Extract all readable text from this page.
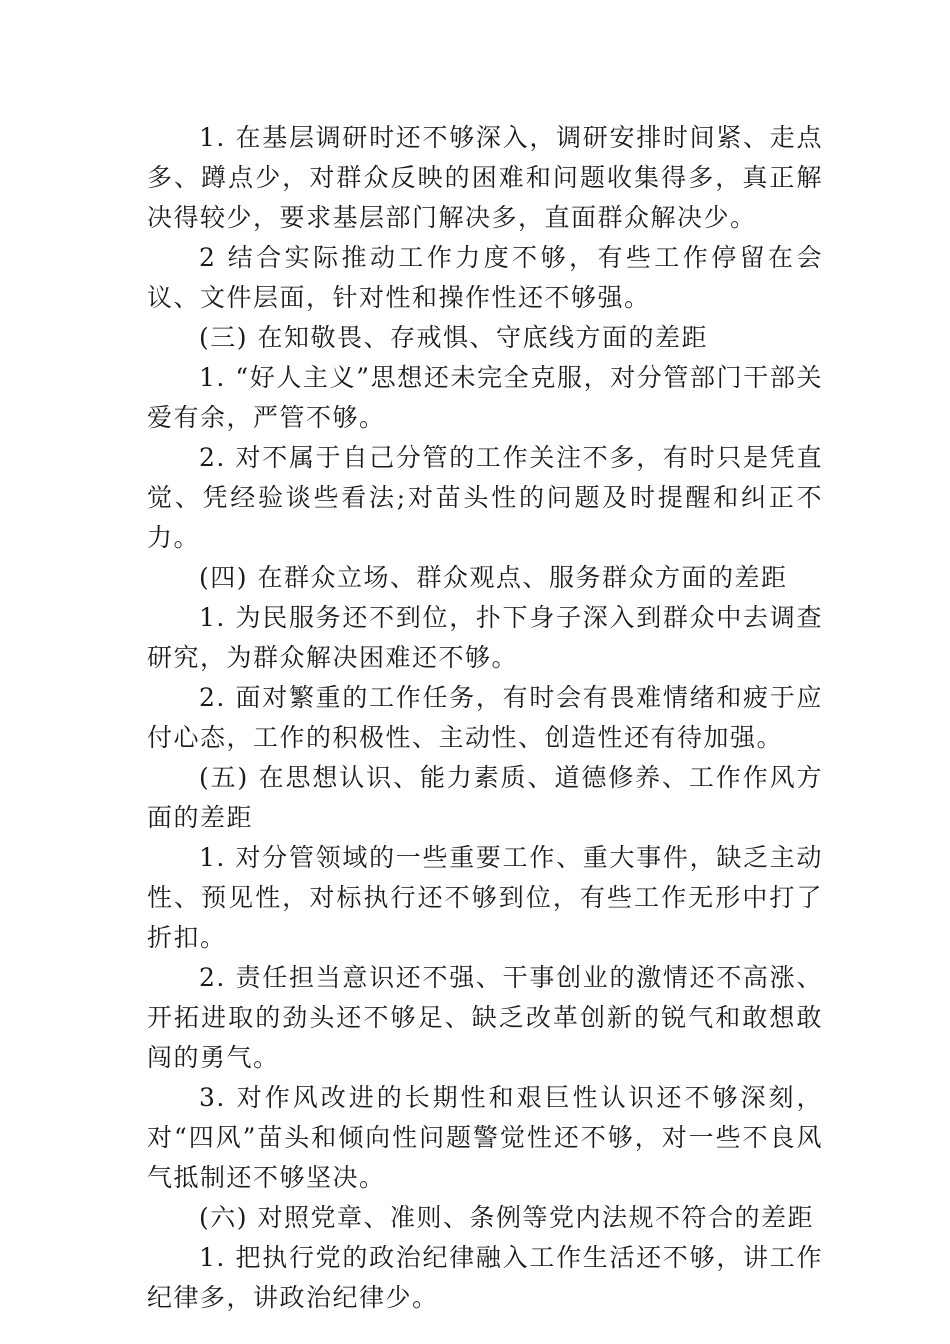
1. 在基层调研时还不够深入，调研安排时间紧、走点多、蹲点少，对群众反映的困难和问题收集得多，真正解决得较少，要求基层部门解决多，直面群众解决少。

2 结合实际推动工作力度不够，有些工作停留在会议、文件层面，针对性和操作性还不够强。

(三) 在知敬畏、存戒惧、守底线方面的差距

1. “好人主义”思想还未完全克服，对分管部门干部关爱有余，严管不够。

2. 对不属于自己分管的工作关注不多，有时只是凭直觉、凭经验谈些看法;对苗头性的问题及时提醒和纠正不力。

(四) 在群众立场、群众观点、服务群众方面的差距

1. 为民服务还不到位，扑下身子深入到群众中去调查研究，为群众解决困难还不够。

2. 面对繁重的工作任务，有时会有畏难情绪和疲于应付心态，工作的积极性、主动性、创造性还有待加强。

(五) 在思想认识、能力素质、道德修养、工作作风方面的差距

1. 对分管领域的一些重要工作、重大事件，缺乏主动性、预见性，对标执行还不够到位，有些工作无形中打了折扣。

2. 责任担当意识还不强、干事创业的激情还不高涨、开拓进取的劲头还不够足、缺乏改革创新的锐气和敢想敢闯的勇气。

3. 对作风改进的长期性和艰巨性认识还不够深刻，对“四风”苗头和倾向性问题警觉性还不够，对一些不良风气抵制还不够坚决。

(六) 对照党章、准则、条例等党内法规不符合的差距

1. 把执行党的政治纪律融入工作生活还不够，讲工作纪律多，讲政治纪律少。
